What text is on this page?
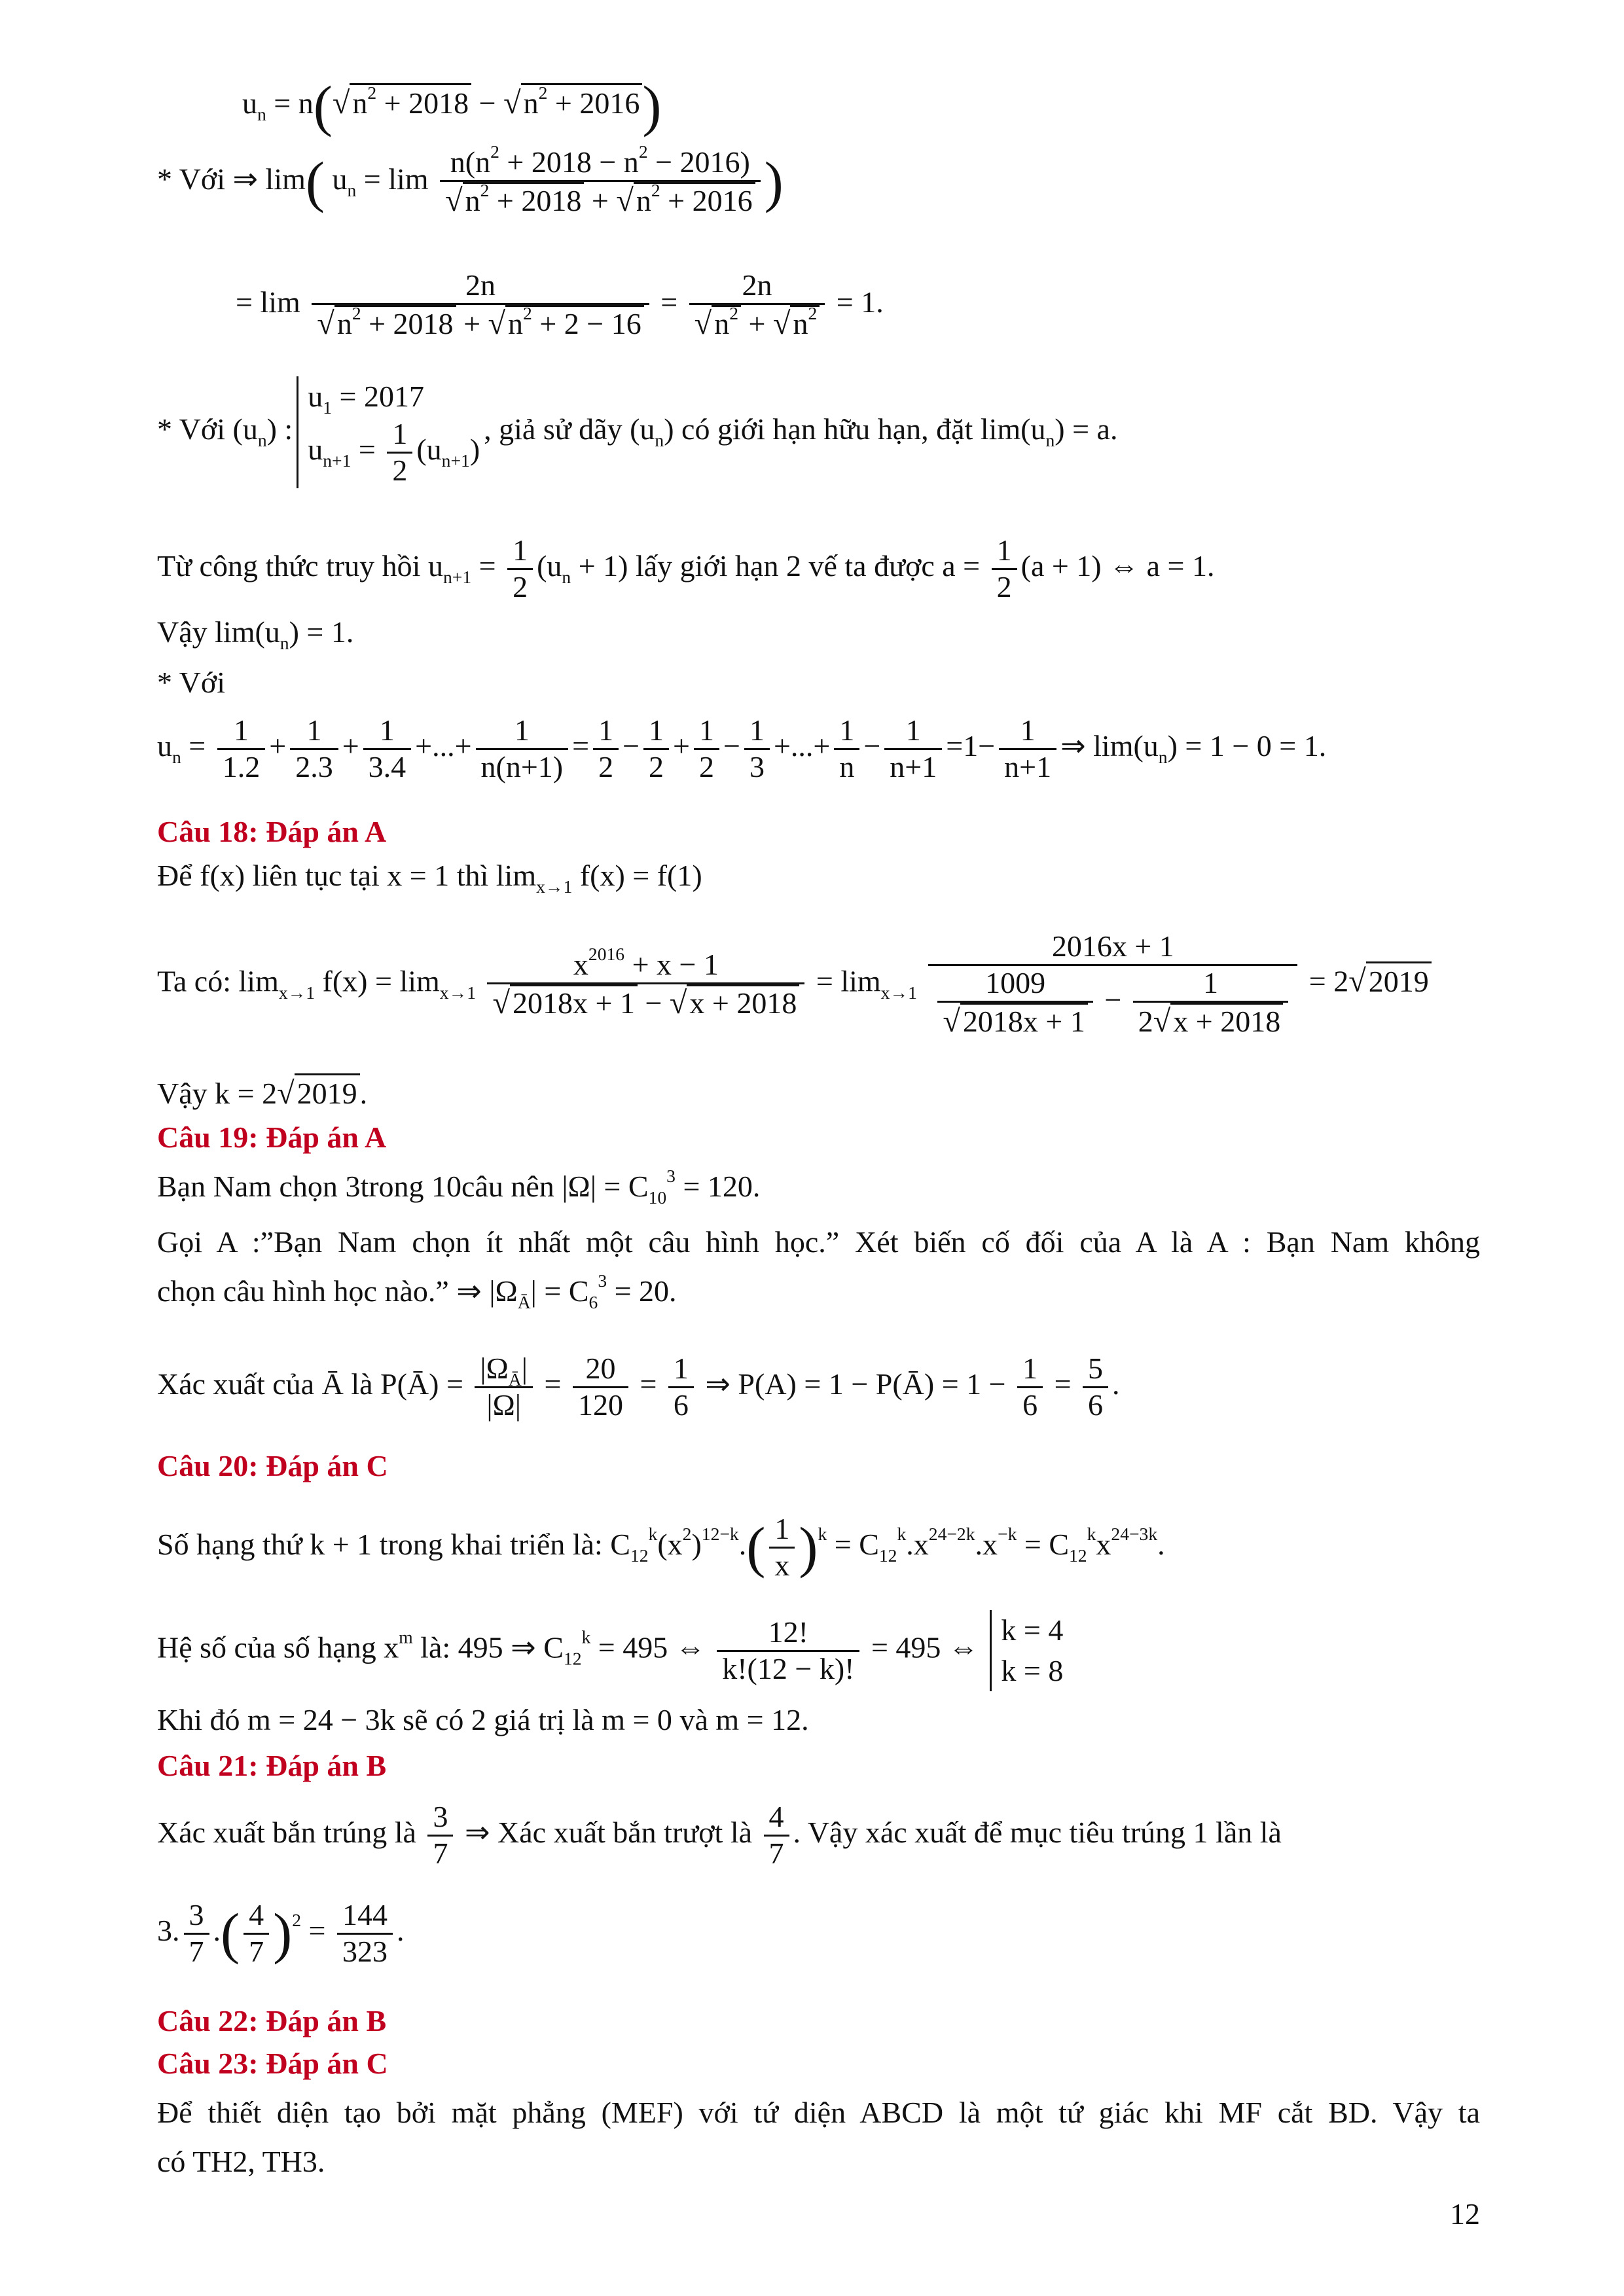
$u_n = n(√n^2 + 2018 - √n^2 + 2016)$
* Với ⇒ lim( $u_n = \lim \frac{n(n^2 + 2018 - n^2 - 2016)}{√n^2 + 2018 + √n^2 + 2016}$ )
= $\lim \frac{2n}{√n^2 + 2018 + √n^2 + 2 - 16} = \frac{2n}{√n^2 + √n^2} = 1$.
* Với $(u_n)$ :
$u_1 = 2017$
$u_{n+1} = \frac{1}{2} (u_{n+1})$
, giả sử dãy $(u_n)$ có giới hạn hữu hạn, đặt $\lim(u_n) = a$.
Từ công thức truy hồi $u_{n+1} = \frac{1}{2} (u_n + 1)$ lấy giới hạn 2 vế ta được $a = \frac{1}{2} (a + 1)$ ⇔ a = 1.
Vậy $\lim(u_n) = 1$.
* Với
$u_n = \frac{1}{1.2} + \frac{1}{2.3} + \frac{1}{3.4}$ +...+ $\frac{1}{n(n+1)} = \frac{1}{2} - \frac{1}{2} + \frac{1}{2} - \frac{1}{3}$ +...+ $\frac{1}{n} - \frac{1}{n+1} =1- \frac{1}{n+1}$ ⇒ $\lim(u_n) = 1 - 0 = 1$.
Câu 18: Đáp án A
Để f(x) liên tục tại x = 1 thì $\lim_{x\to 1} f(x) = f(1)$
Ta có: $\lim_{x\to 1} f(x) = \lim_{x\to 1} \frac{x^{2016} + x - 1}{√2018x + 1 - √x + 2018} = \lim_{x\to 1} \frac{2016x + 1}{\frac{1009}{√2018x + 1} - \frac{1}{2√x + 2018}} = 2√2019$
Vậy k = 2√2019.
Câu 19: Đáp án A
Bạn Nam chọn 3trong 10câu nên $|\Omega| = C_{10}^3 = 120$.
Gọi A :”Bạn Nam chọn ít nhất một câu hình học.” Xét biến cố đối của A là A : Bạn Nam không
chọn câu hình học nào.” ⇒ $|\Omega_Ā| = C_6^3 = 20$.
Xác xuất của Ā là P(Ā) = $\frac{|\Omega_Ā|}{|\Omega|} = \frac{20}{120} = \frac{1}{6}$ ⇒ P(A) = 1 − P(Ā) = $1 - \frac{1}{6} = \frac{5}{6}$ .
Câu 20: Đáp án C
Số hạng thứ k + 1 trong khai triển là: $C_{12}^k(x^2)^{12-k}.( \frac{1}{x} )^k = C_{12}^k.x^{24-2k}.x^{-k} = C_{12}^kx^{24-3k}$.
Hệ số của số hạng $x^m$ là: 495 ⇒ $C_{12}^k = 495$ ⇔ $\frac{12!}{k!(12 - k)!} = 495$ ⇔
k = 4
k = 8
Khi đó m = 24 − 3k sẽ có 2 giá trị là m = 0 và m = 12.
Câu 21: Đáp án B
Xác xuất bắn trúng là $\frac{3}{7}$ ⇒ Xác xuất bắn trượt là $\frac{4}{7}$ . Vậy xác xuất để mục tiêu trúng 1 lần là
3. $\frac{3}{7}$ .( $\frac{4}{7} )^2 = \frac{144}{323}$ .
Câu 22: Đáp án B
Câu 23: Đáp án C
Để thiết diện tạo bởi mặt phẳng (MEF) với tứ diện ABCD là một tứ giác khi MF cắt BD. Vậy ta
có TH2, TH3.
12
